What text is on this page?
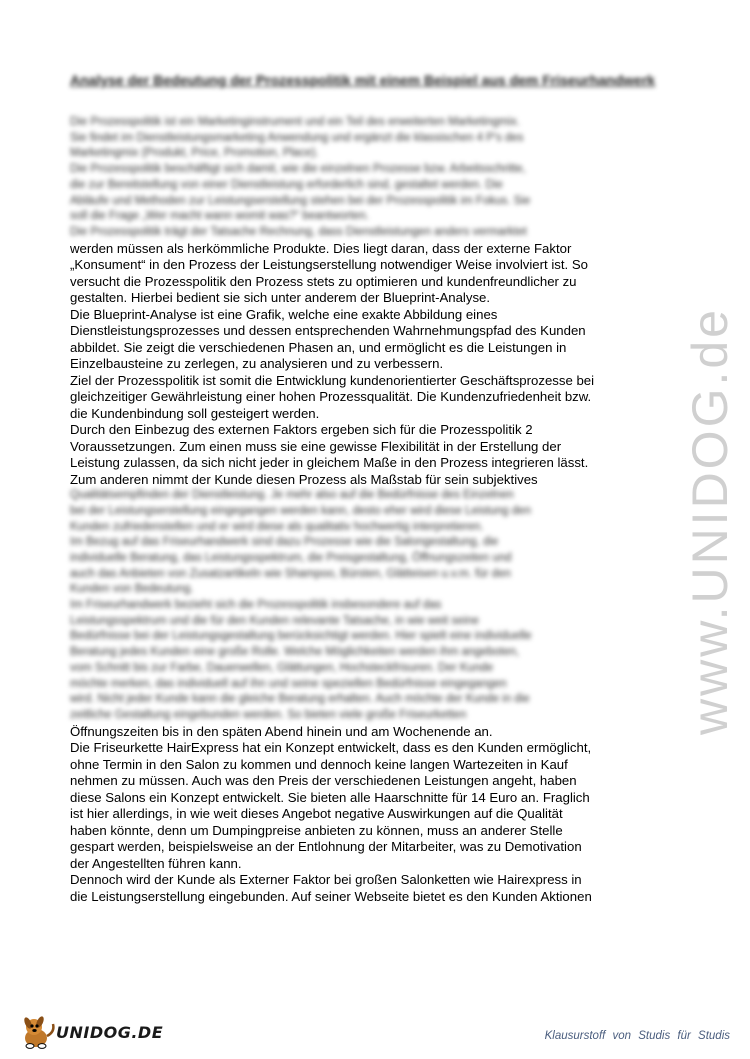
Analyse der Bedeutung der Prozesspolitik mit einem Beispiel aus dem Friseurhandwerk

Die Prozesspolitik ist ein Marketinginstrument und ein Teil des erweiterten Marketingmix.

Sie findet im Dienstleistungsmarketing Anwendung und ergänzt die klassischen 4 P's des

Marketingmix (Produkt, Price, Promotion, Place).

Die Prozesspolitik beschäftigt sich damit, wie die einzelnen Prozesse bzw. Arbeitsschritte,

die zur Bereitstellung von einer Dienstleistung erforderlich sind, gestaltet werden. Die

Abläufe und Methoden zur Leistungserstellung stehen bei der Prozesspolitik im Fokus. Sie

soll die Frage „Wer macht wann womit was?“ beantworten.

Die Prozesspolitik trägt der Tatsache Rechnung, dass Dienstleistungen anders vermarktet

werden müssen als herkömmliche Produkte. Dies liegt daran, dass der externe Faktor

„Konsument“ in den Prozess der Leistungserstellung notwendiger Weise involviert ist. So

versucht die Prozesspolitik den Prozess stets zu optimieren und kundenfreundlicher zu

gestalten. Hierbei bedient sie sich unter anderem der Blueprint-Analyse.

Die Blueprint-Analyse ist eine Grafik, welche eine exakte Abbildung eines

Dienstleistungsprozesses und dessen entsprechenden Wahrnehmungspfad des Kunden

abbildet. Sie zeigt die verschiedenen Phasen an, und ermöglicht es die Leistungen in

Einzelbausteine zu zerlegen, zu analysieren und zu verbessern.

Ziel der Prozesspolitik ist somit die Entwicklung kundenorientierter Geschäftsprozesse bei

gleichzeitiger Gewährleistung einer hohen Prozessqualität. Die Kundenzufriedenheit bzw.

die Kundenbindung soll gesteigert werden.

Durch den Einbezug des externen Faktors ergeben sich für die Prozesspolitik 2

Voraussetzungen. Zum einen muss sie eine gewisse Flexibilität in der Erstellung der

Leistung zulassen, da sich nicht jeder in gleichem Maße in den Prozess integrieren lässt.

Zum anderen nimmt der Kunde diesen Prozess als Maßstab für sein subjektives

Qualitätsempfinden der Dienstleistung. Je mehr also auf die Bedürfnisse des Einzelnen

bei der Leistungserstellung eingegangen werden kann, desto eher wird diese Leistung den

Kunden zufriedenstellen und er wird diese als qualitativ hochwertig interpretieren.

Im Bezug auf das Friseurhandwerk sind dazu Prozesse wie die Salongestaltung, die

individuelle Beratung, das Leistungsspektrum, die Preisgestaltung, Öffnungszeiten und

auch das Anbieten von Zusatzartikeln wie Shampoo, Bürsten, Glätteisen u.v.m. für den

Kunden von Bedeutung.

Im Friseurhandwerk bezieht sich die Prozesspolitik insbesondere auf das

Leistungsspektrum und die für den Kunden relevante Tatsache, in wie weit seine

Bedürfnisse bei der Leistungsgestaltung berücksichtigt werden. Hier spielt eine individuelle

Beratung jedes Kunden eine große Rolle. Welche Möglichkeiten werden ihm angeboten,

vom Schnitt bis zur Farbe, Dauerwellen, Glättungen, Hochsteckfrisuren. Der Kunde

möchte merken, das individuell auf ihn und seine speziellen Bedürfnisse eingegangen

wird. Nicht jeder Kunde kann die gleiche Beratung erhalten. Auch möchte der Kunde in die

zeitliche Gestaltung eingebunden werden. So bieten viele große Friseurketten

Öffnungszeiten bis in den späten Abend hinein und am Wochenende an.

Die Friseurkette HairExpress hat ein Konzept entwickelt, dass es den Kunden ermöglicht,

ohne Termin in den Salon zu kommen und dennoch keine langen Wartezeiten in Kauf

nehmen zu müssen. Auch was den Preis der verschiedenen Leistungen angeht, haben

diese Salons ein Konzept entwickelt. Sie bieten alle Haarschnitte für 14 Euro an. Fraglich

ist hier allerdings, in wie weit dieses Angebot negative Auswirkungen auf die Qualität

haben könnte, denn um Dumpingpreise anbieten zu können, muss an anderer Stelle

gespart werden, beispielsweise an der Entlohnung der Mitarbeiter, was zu Demotivation

der Angestellten führen kann.

Dennoch wird der Kunde als Externer Faktor bei großen Salonketten wie Hairexpress in

die Leistungserstellung eingebunden. Auf seiner Webseite bietet es den Kunden Aktionen

www.UNIDOG.de
UNIDOG.DE	Klausurstoff von Studis für Studis
